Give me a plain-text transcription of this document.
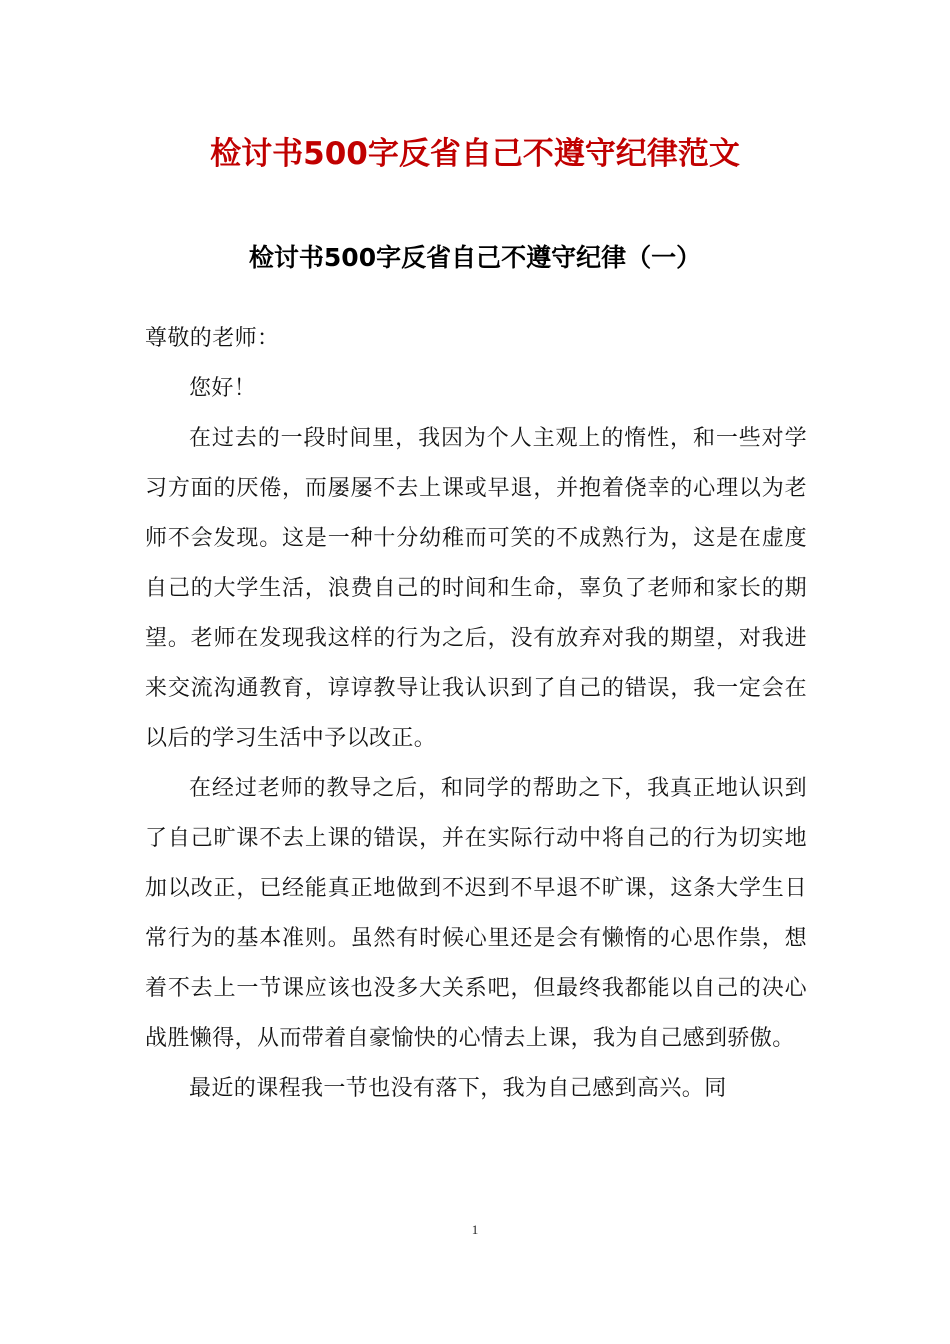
检讨书500字反省自己不遵守纪律范文
检讨书500字反省自己不遵守纪律（一）

尊敬的老师：

您好！

在过去的一段时间里，我因为个人主观上的惰性，和一些对学习方面的厌倦，而屡屡不去上课或早退，并抱着侥幸的心理以为老师不会发现。这是一种十分幼稚而可笑的不成熟行为，这是在虚度自己的大学生活，浪费自己的时间和生命，辜负了老师和家长的期望。老师在发现我这样的行为之后，没有放弃对我的期望，对我进来交流沟通教育，谆谆教导让我认识到了自己的错误，我一定会在以后的学习生活中予以改正。

在经过老师的教导之后，和同学的帮助之下，我真正地认识到了自己旷课不去上课的错误，并在实际行动中将自己的行为切实地加以改正，已经能真正地做到不迟到不早退不旷课，这条大学生日常行为的基本准则。虽然有时候心里还是会有懒惰的心思作祟，想着不去上一节课应该也没多大关系吧，但最终我都能以自己的决心战胜懒得，从而带着自豪愉快的心情去上课，我为自己感到骄傲。

最近的课程我一节也没有落下，我为自己感到高兴。同

1
